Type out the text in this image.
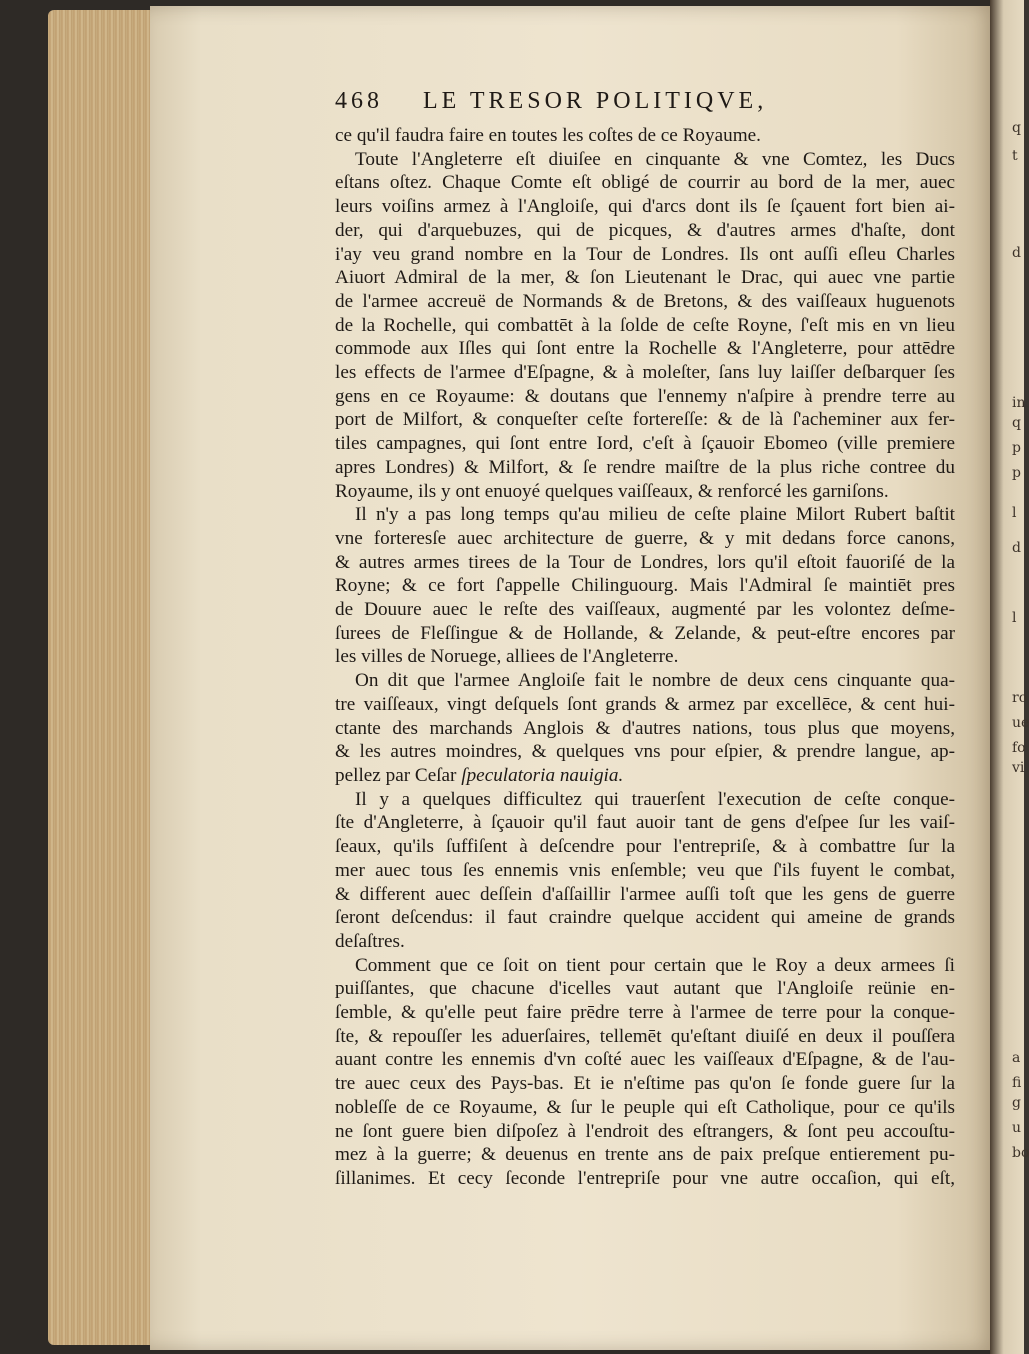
q
t
d
in
q
p
p
l
d
l
ro
ue
fo
vi
a
fi
g
u
bo
468	LE TRESOR POLITIQVE,
ce qu'il faudra faire en toutes les coſtes de ce Royaume.
Toute l'Angleterre eſt diuiſee en cinquante & vne Comtez, les Ducs
eſtans oſtez. Chaque Comte eſt obligé de courrir au bord de la mer, auec
leurs voiſins armez à l'Angloiſe, qui d'arcs dont ils ſe ſçauent fort bien ai-
der, qui d'arquebuzes, qui de picques, & d'autres armes d'haſte, dont
i'ay veu grand nombre en la Tour de Londres. Ils ont auſſi eſleu Charles
Aiuort Admiral de la mer, & ſon Lieutenant le Drac, qui auec vne partie
de l'armee accreuë de Normands & de Bretons, & des vaiſſeaux huguenots
de la Rochelle, qui combattēt à la ſolde de ceſte Royne, ſ'eſt mis en vn lieu
commode aux Iſles qui ſont entre la Rochelle & l'Angleterre, pour attēdre
les effects de l'armee d'Eſpagne, & à moleſter, ſans luy laiſſer deſbarquer ſes
gens en ce Royaume: & doutans que l'ennemy n'aſpire à prendre terre au
port de Milfort, & conqueſter ceſte fortereſſe: & de là ſ'acheminer aux fer-
tiles campagnes, qui ſont entre Iord, c'eſt à ſçauoir Ebomeo (ville premiere
apres Londres) & Milfort, & ſe rendre maiſtre de la plus riche contree du
Royaume, ils y ont enuoyé quelques vaiſſeaux, & renforcé les garniſons.
Il n'y a pas long temps qu'au milieu de ceſte plaine Milort Rubert baſtit
vne forteresſe auec architecture de guerre, & y mit dedans force canons,
& autres armes tirees de la Tour de Londres, lors qu'il eſtoit fauoriſé de la
Royne; & ce fort ſ'appelle Chilinguourg. Mais l'Admiral ſe maintiēt pres
de Douure auec le reſte des vaiſſeaux, augmenté par les volontez deſme-
ſurees de Fleſſingue & de Hollande, & Zelande, & peut-eſtre encores par
les villes de Noruege, alliees de l'Angleterre.
On dit que l'armee Angloiſe fait le nombre de deux cens cinquante qua-
tre vaiſſeaux, vingt deſquels ſont grands & armez par excellēce, & cent hui-
ctante des marchands Anglois & d'autres nations, tous plus que moyens,
& les autres moindres, & quelques vns pour eſpier, & prendre langue, ap-
pellez par Ceſar ſpeculatoria nauigia.
Il y a quelques difficultez qui trauerſent l'execution de ceſte conque-
ſte d'Angleterre, à ſçauoir qu'il faut auoir tant de gens d'eſpee ſur les vaiſ-
ſeaux, qu'ils ſuffiſent à deſcendre pour l'entrepriſe, & à combattre ſur la
mer auec tous ſes ennemis vnis enſemble; veu que ſ'ils fuyent le combat,
& different auec deſſein d'aſſaillir l'armee auſſi toſt que les gens de guerre
ſeront deſcendus: il faut craindre quelque accident qui ameine de grands
deſaſtres.
Comment que ce ſoit on tient pour certain que le Roy a deux armees ſi
puiſſantes, que chacune d'icelles vaut autant que l'Angloiſe reünie en-
ſemble, & qu'elle peut faire prēdre terre à l'armee de terre pour la conque-
ſte, & repouſſer les aduerſaires, tellemēt qu'eſtant diuiſé en deux il pouſſera
auant contre les ennemis d'vn coſté auec les vaiſſeaux d'Eſpagne, & de l'au-
tre auec ceux des Pays-bas. Et ie n'eſtime pas qu'on ſe fonde guere ſur la
nobleſſe de ce Royaume, & ſur le peuple qui eſt Catholique, pour ce qu'ils
ne ſont guere bien diſpoſez à l'endroit des eſtrangers, & ſont peu accouſtu-
mez à la guerre; & deuenus en trente ans de paix preſque entierement pu-
ſillanimes. Et cecy ſeconde l'entrepriſe pour vne autre occaſion, qui eſt,
